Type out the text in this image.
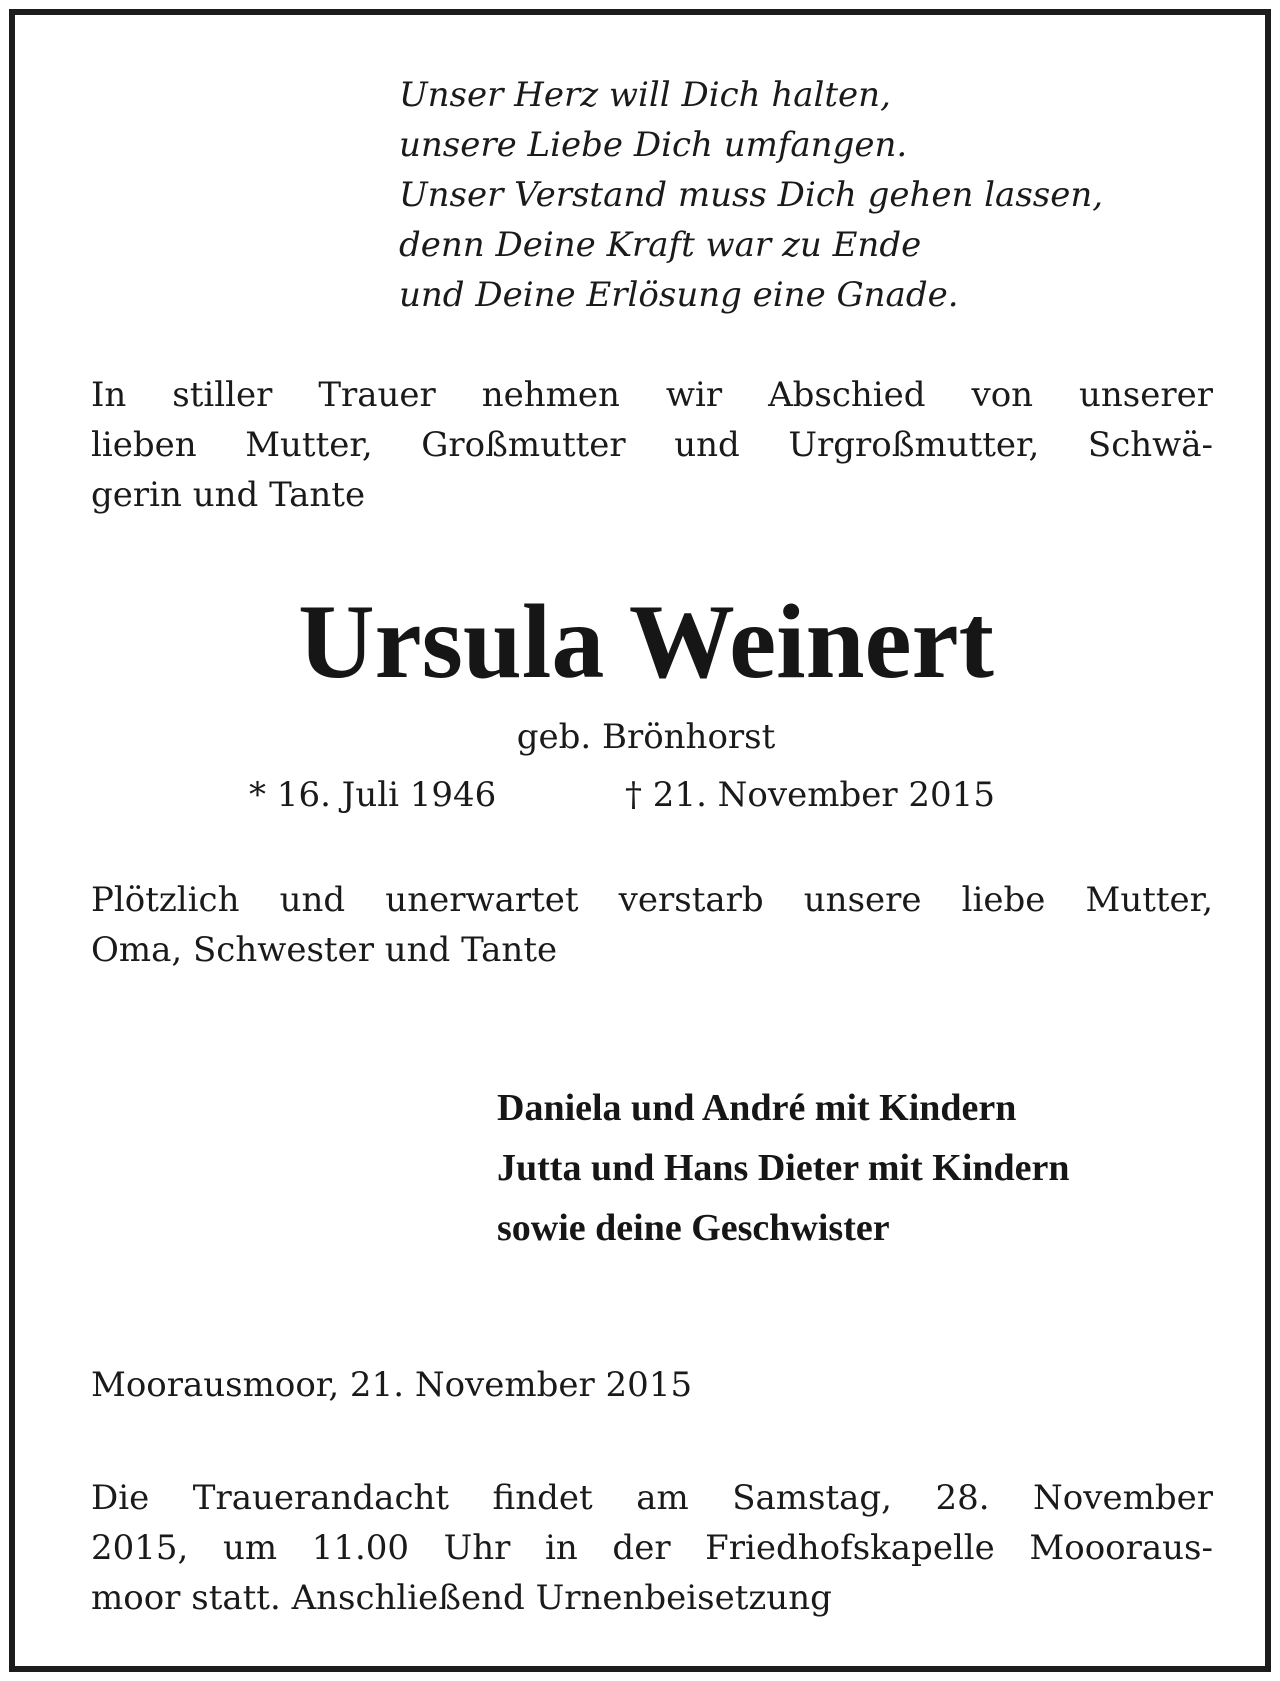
Unser Herz will Dich halten,
unsere Liebe Dich umfangen.
Unser Verstand muss Dich gehen lassen,
denn Deine Kraft war zu Ende
und Deine Erlösung eine Gnade.
In stiller Trauer nehmen wir Abschied von unserer
lieben Mutter, Großmutter und Urgroßmutter, Schwä-
gerin und Tante
Ursula Weinert
geb. Brönhorst
* 16. Juli 1946	† 21. November 2015
Plötzlich und unerwartet verstarb unsere liebe Mutter,
Oma, Schwester und Tante
Daniela und André mit Kindern
Jutta und Hans Dieter mit Kindern
sowie deine Geschwister
Moorausmoor, 21. November 2015
Die Trauerandacht findet am Samstag, 28. November
2015, um 11.00 Uhr in der Friedhofskapelle Moooraus-
moor statt. Anschließend Urnenbeisetzung
